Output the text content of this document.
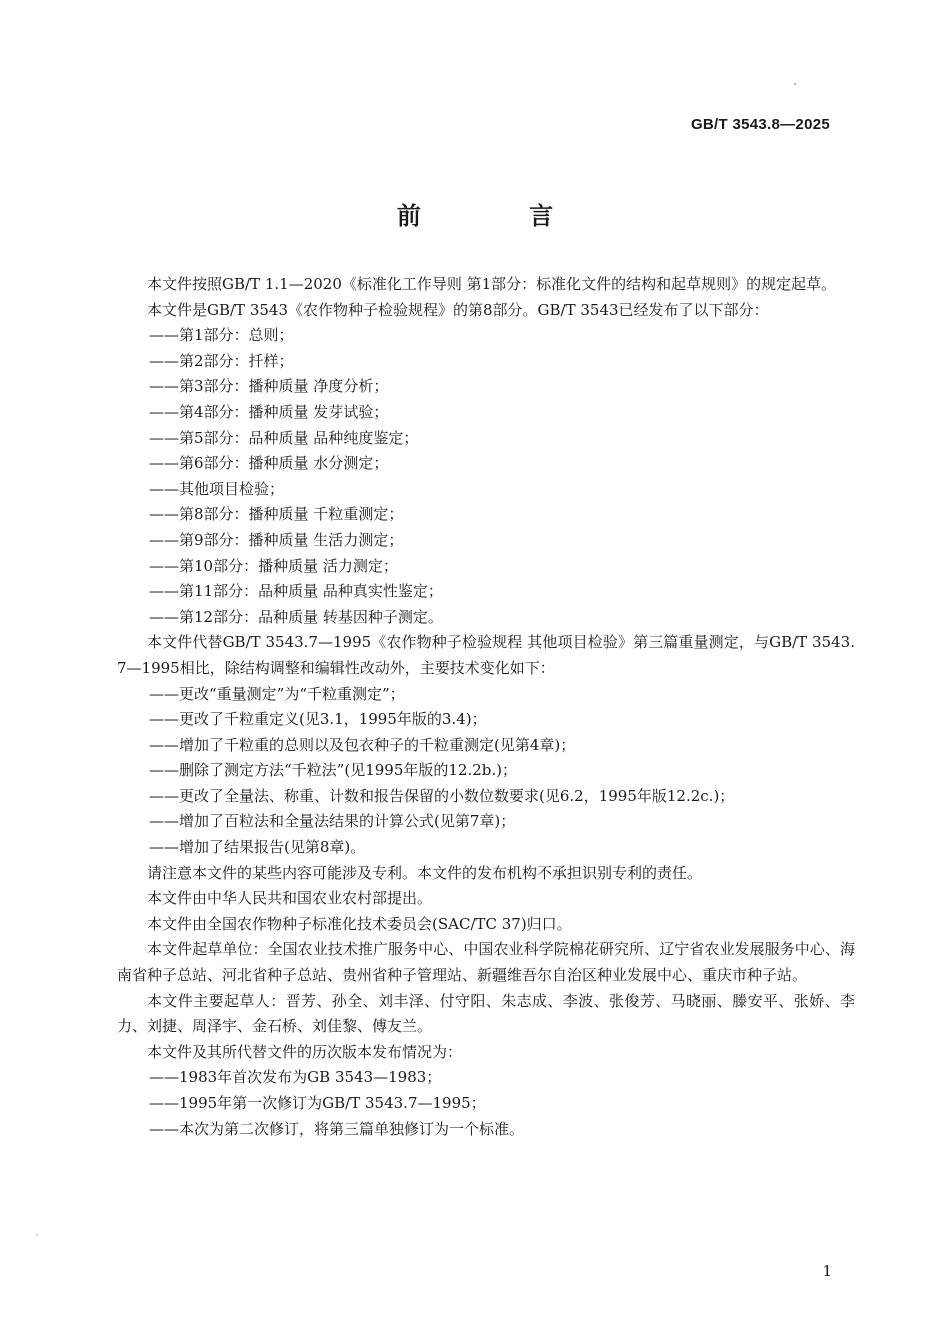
GB/T 3543.8—2025
前 言

本文件按照GB/T 1.1—2020《标准化工作导则 第1部分：标准化文件的结构和起草规则》的规定起草。

本文件是GB/T 3543《农作物种子检验规程》的第8部分。GB/T 3543已经发布了以下部分：

——第1部分：总则；
——第2部分：扦样；
——第3部分：播种质量 净度分析；
——第4部分：播种质量 发芽试验；
——第5部分：品种质量 品种纯度鉴定；
——第6部分：播种质量 水分测定；
——其他项目检验；
——第8部分：播种质量 千粒重测定；
——第9部分：播种质量 生活力测定；
——第10部分：播种质量 活力测定；
——第11部分：品种质量 品种真实性鉴定；
——第12部分：品种质量 转基因种子测定。

本文件代替GB/T 3543.7—1995《农作物种子检验规程 其他项目检验》第三篇重量测定，与GB/T 3543.7—1995相比，除结构调整和编辑性改动外，主要技术变化如下：

——更改“重量测定”为“千粒重测定”；
——更改了千粒重定义(见3.1，1995年版的3.4)；
——增加了千粒重的总则以及包衣种子的千粒重测定(见第4章)；
——删除了测定方法“千粒法”(见1995年版的12.2b.)；
——更改了全量法、称重、计数和报告保留的小数位数要求(见6.2，1995年版12.2c.)；
——增加了百粒法和全量法结果的计算公式(见第7章)；
——增加了结果报告(见第8章)。

请注意本文件的某些内容可能涉及专利。本文件的发布机构不承担识别专利的责任。

本文件由中华人民共和国农业农村部提出。

本文件由全国农作物种子标准化技术委员会(SAC/TC 37)归口。

本文件起草单位：全国农业技术推广服务中心、中国农业科学院棉花研究所、辽宁省农业发展服务中心、海南省种子总站、河北省种子总站、贵州省种子管理站、新疆维吾尔自治区种业发展中心、重庆市种子站。

本文件主要起草人：晋芳、孙全、刘丰泽、付守阳、朱志成、李波、张俊芳、马晓丽、滕安平、张娇、李力、刘捷、周泽宇、金石桥、刘佳黎、傅友兰。

本文件及其所代替文件的历次版本发布情况为：

——1983年首次发布为GB 3543—1983；
——1995年第一次修订为GB/T 3543.7—1995；
——本次为第二次修订，将第三篇单独修订为一个标准。
1
